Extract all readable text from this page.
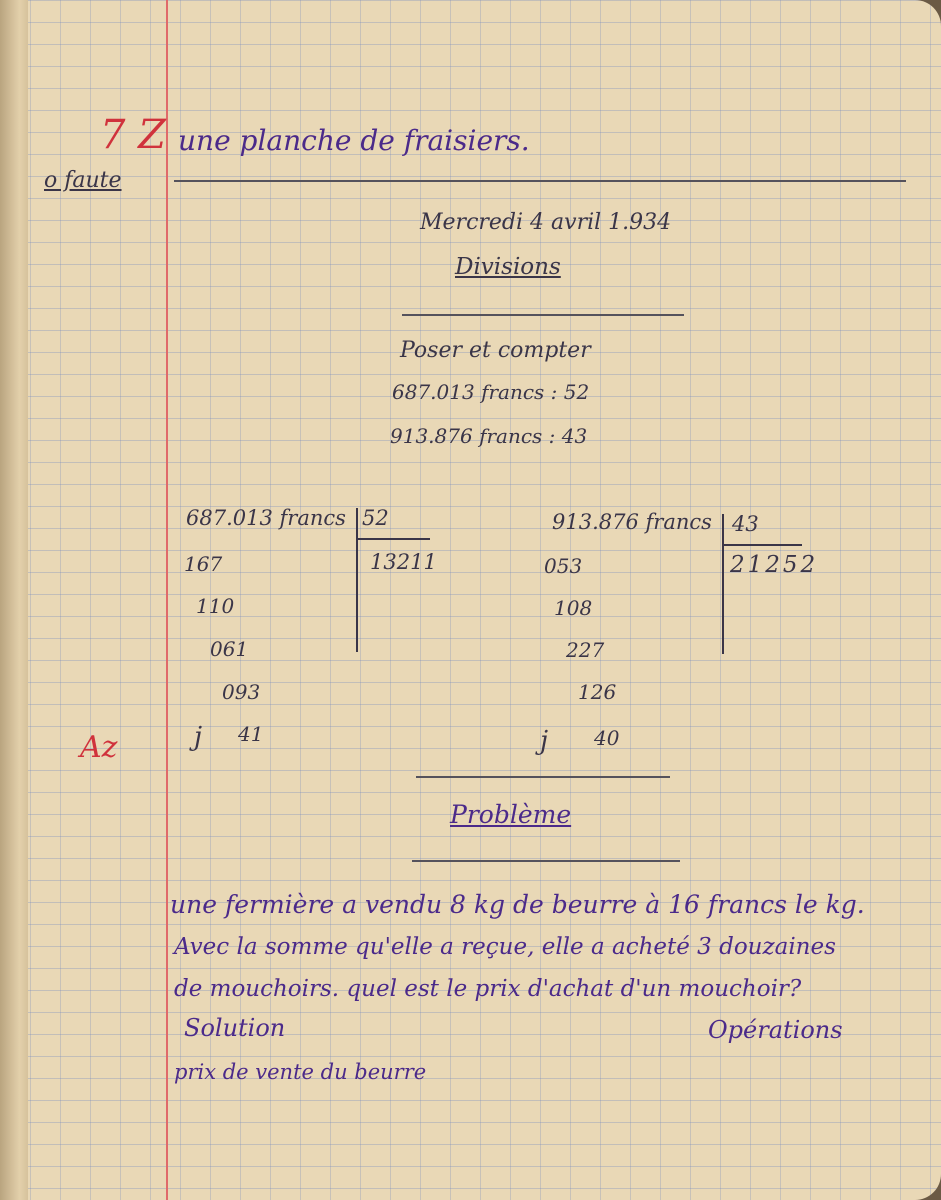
7 Z une planche de fraisiers.
o faute
Mercredi 4 avril 1.934
Divisions
Poser et compter
687.013 francs : 52
913.876 francs : 43
687.013 francs 52
13211
167
110
061
093
Az	j 41
913.876 francs 43
21252
053
108
227
126
j 40
Problème
une fermière a vendu 8 kg de beurre à 16 francs le kg.
Avec la somme qu'elle a reçue, elle a acheté 3 douzaines
de mouchoirs. quel est le prix d'achat d'un mouchoir?
Solution	Opérations
prix de vente du beurre
